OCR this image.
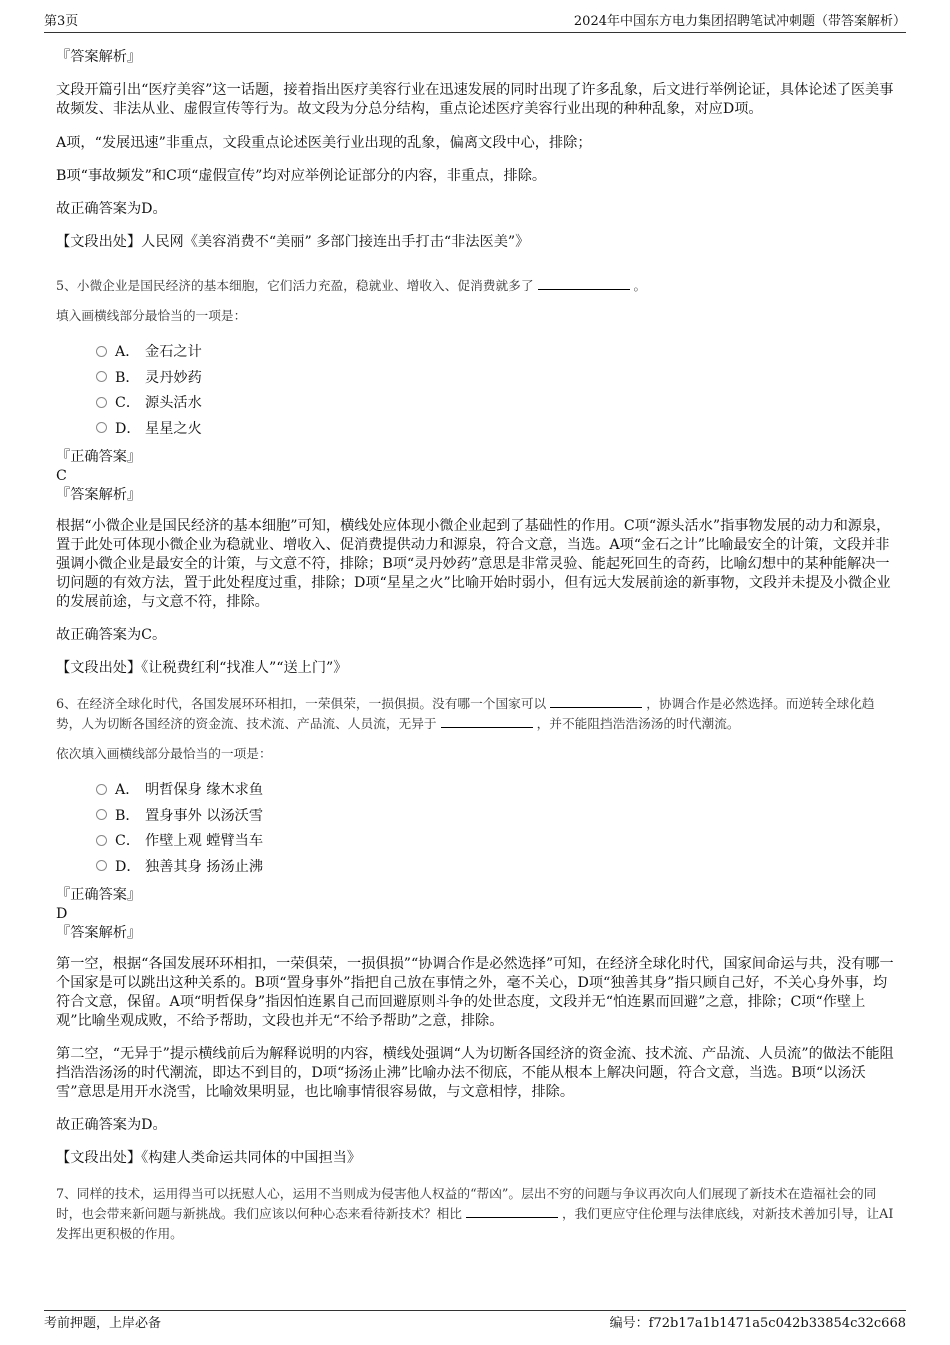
第3页	2024年中国东方电力集团招聘笔试冲刺题（带答案解析）

『答案解析』

文段开篇引出“医疗美容”这一话题，接着指出医疗美容行业在迅速发展的同时出现了许多乱象，后文进行举例论证，具体论述了医美事故频发、非法从业、虚假宣传等行为。故文段为分总分结构，重点论述医疗美容行业出现的种种乱象，对应D项。

A项，“发展迅速”非重点，文段重点论述医美行业出现的乱象，偏离文段中心，排除；

B项“事故频发”和C项“虚假宣传”均对应举例论证部分的内容，非重点，排除。

故正确答案为D。

【文段出处】人民网《美容消费不“美丽” 多部门接连出手打击“非法医美”》

5、小微企业是国民经济的基本细胞，它们活力充盈，稳就业、增收入、促消费就多了	。

填入画横线部分最恰当的一项是：

A． 金石之计
B． 灵丹妙药
C． 源头活水
D． 星星之火

『正确答案』

C

『答案解析』

根据“小微企业是国民经济的基本细胞”可知，横线处应体现小微企业起到了基础性的作用。C项“源头活水”指事物发展的动力和源泉，置于此处可体现小微企业为稳就业、增收入、促消费提供动力和源泉，符合文意，当选。A项“金石之计”比喻最安全的计策，文段并非强调小微企业是最安全的计策，与文意不符，排除；B项“灵丹妙药”意思是非常灵验、能起死回生的奇药，比喻幻想中的某种能解决一切问题的有效方法，置于此处程度过重，排除；D项“星星之火”比喻开始时弱小，但有远大发展前途的新事物，文段并未提及小微企业的发展前途，与文意不符，排除。

故正确答案为C。

【文段出处】《让税费红利“找准人”“送上门”》

6、在经济全球化时代，各国发展环环相扣，一荣俱荣，一损俱损。没有哪一个国家可以	，协调合作是必然选择。而逆转全球化趋势，人为切断各国经济的资金流、技术流、产品流、人员流，无异于	，并不能阻挡浩浩汤汤的时代潮流。

依次填入画横线部分最恰当的一项是：

A． 明哲保身 缘木求鱼
B． 置身事外 以汤沃雪
C． 作壁上观 螳臂当车
D． 独善其身 扬汤止沸

『正确答案』

D

『答案解析』

第一空，根据“各国发展环环相扣，一荣俱荣，一损俱损”“协调合作是必然选择”可知，在经济全球化时代，国家间命运与共，没有哪一个国家是可以跳出这种关系的。B项“置身事外”指把自己放在事情之外，毫不关心，D项“独善其身”指只顾自己好，不关心身外事，均符合文意，保留。A项“明哲保身”指因怕连累自己而回避原则斗争的处世态度，文段并无“怕连累而回避”之意，排除；C项“作壁上观”比喻坐观成败，不给予帮助，文段也并无“不给予帮助”之意，排除。

第二空，“无异于”提示横线前后为解释说明的内容，横线处强调“人为切断各国经济的资金流、技术流、产品流、人员流”的做法不能阻挡浩浩汤汤的时代潮流，即达不到目的，D项“扬汤止沸”比喻办法不彻底，不能从根本上解决问题，符合文意，当选。B项“以汤沃雪”意思是用开水浇雪，比喻效果明显，也比喻事情很容易做，与文意相悖，排除。

故正确答案为D。

【文段出处】《构建人类命运共同体的中国担当》

7、同样的技术，运用得当可以抚慰人心，运用不当则成为侵害他人权益的“帮凶”。层出不穷的问题与争议再次向人们展现了新技术在造福社会的同时，也会带来新问题与新挑战。我们应该以何种心态来看待新技术？相比	，我们更应守住伦理与法律底线，对新技术善加引导，让AI发挥出更积极的作用。

考前押题，上岸必备	编号：f72b17a1b1471a5c042b33854c32c668
